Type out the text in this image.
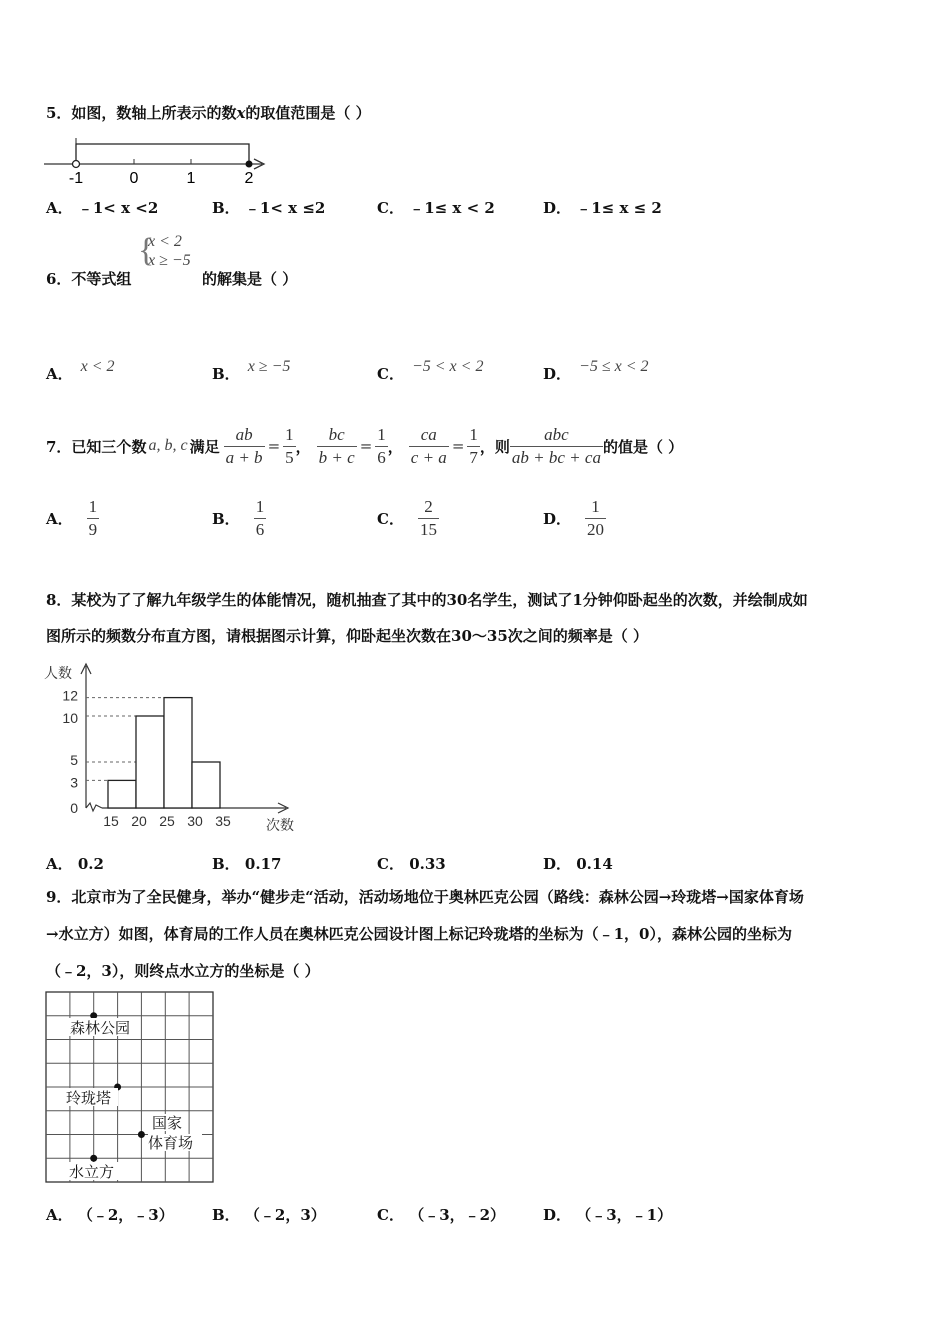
5．如图，数轴上所表示的数x的取值范围是（ ）
-1	0	1	2
A． ﹣1< x <2	B． ﹣1< x ≤2	C． ﹣1≤ x < 2	D． ﹣1≤ x ≤ 2
6．不等式组
{
x < 2
x ≥ −5
的解集是（ ）
A． x < 2	B． x ≥ −5	C． −5 < x < 2	D． −5 ≤ x < 2
7．已知三个数 a, b, c 满足 $\frac{ab}{a + b} = \frac{1}{5}$ ， $\frac{bc}{b + c} = \frac{1}{6}$ ， $\frac{ca}{c + a} = \frac{1}{7}$ ，则 $\frac{\text{abc}}{ab + bc + ca}$ 的值是（ ）
A． $\frac{1}{9}$	B． $\frac{1}{6}$	C． $\frac{2}{15}$	D． $\frac{1}{20}$
8．某校为了了解九年级学生的体能情况，随机抽查了其中的30名学生，测试了1分钟仰卧起坐的次数，并绘制成如
图所示的频数分布直方图，请根据图示计算，仰卧起坐次数在30～35次之间的频率是（ ）
人数
次数
0
3
5
10
12
15 20 25 30 35
A． 0.2	B． 0.17	C． 0.33	D． 0.14
9．北京市为了全民健身，举办“健步走“活动，活动场地位于奥林匹克公园（路线：森林公园→玲珑塔→国家体育场
→水立方）如图，体育局的工作人员在奥林匹克公园设计图上标记玲珑塔的坐标为（﹣1，0），森林公园的坐标为
（﹣2，3），则终点水立方的坐标是（ ）
森林公园
玲珑塔
国家
体育场
水立方
A． （﹣2，﹣3）	B． （﹣2，3）	C． （﹣3，﹣2）	D． （﹣3，﹣1）
